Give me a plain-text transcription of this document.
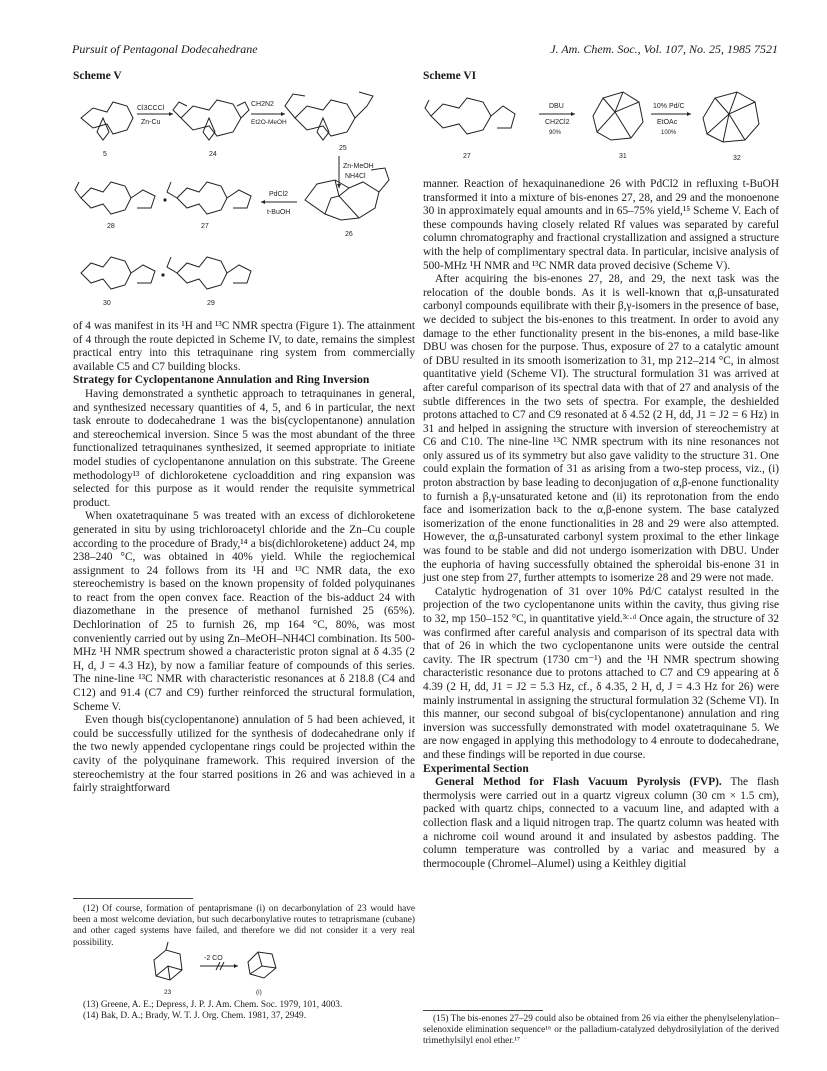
Pursuit of Pentagonal Dodecahedrane	J. Am. Chem. Soc., Vol. 107, No. 25, 1985 7521
Scheme V
5
Cl3CCCl
Zn-Cu
24
CH2N2
Et2O-MeOH
25
Zn-MeOH
NH4Cl
28	27
PdCl2
t-BuOH
26
30	29
Scheme VI
27
DBU
CH2Cl2
90%
31
10% Pd/C
EtOAc
100%
32

of 4 was manifest in its ¹H and ¹³C NMR spectra (Figure 1). The attainment of 4 through the route depicted in Scheme IV, to date, remains the simplest practical entry into this tetraquinane ring system from commercially available C5 and C7 building blocks.

Strategy for Cyclopentanone Annulation and Ring Inversion

Having demonstrated a synthetic approach to tetraquinanes in general, and synthesized necessary quantities of 4, 5, and 6 in particular, the next task enroute to dodecahedrane 1 was the bis(cyclopentanone) annulation and stereochemical inversion. Since 5 was the most abundant of the three functionalized tetraquinanes synthesized, it seemed appropriate to initiate model studies of cyclopentanone annulation on this substrate. The Greene methodology¹³ of dichloroketene cycloaddition and ring expansion was selected for this purpose as it would render the requisite symmetrical product.

When oxatetraquinane 5 was treated with an excess of dichloroketene generated in situ by using trichloroacetyl chloride and the Zn–Cu couple according to the procedure of Brady,¹⁴ a bis(dichloroketene) adduct 24, mp 238–240 °C, was obtained in 40% yield. While the regiochemical assignment to 24 follows from its ¹H and ¹³C NMR data, the exo stereochemistry is based on the known propensity of folded polyquinanes to react from the open convex face. Reaction of the bis-adduct 24 with diazomethane in the presence of methanol furnished 25 (65%). Dechlorination of 25 to furnish 26, mp 164 °C, 80%, was most conveniently carried out by using Zn–MeOH–NH4Cl combination. Its 500-MHz ¹H NMR spectrum showed a characteristic proton signal at δ 4.35 (2 H, d, J = 4.3 Hz), by now a familiar feature of compounds of this series. The nine-line ¹³C NMR with characteristic resonances at δ 218.8 (C4 and C12) and 91.4 (C7 and C9) further reinforced the structural formulation, Scheme V.

Even though bis(cyclopentanone) annulation of 5 had been achieved, it could be successfully utilized for the synthesis of dodecahedrane only if the two newly appended cyclopentane rings could be projected within the cavity of the polyquinane framework. This required inversion of the stereochemistry at the four starred positions in 26 and was achieved in a fairly straightforward

(12) Of course, formation of pentaprismane (i) on decarbonylation of 23 would have been a most welcome deviation, but such decarbonylative routes to tetraprismane (cubane) and other caged systems have failed, and therefore we did not consider it a very real possibility.

23
-2 CO
(i)

(13) Greene, A. E.; Depress, J. P. J. Am. Chem. Soc. 1979, 101, 4003.

(14) Bak, D. A.; Brady, W. T. J. Org. Chem. 1981, 37, 2949.

manner. Reaction of hexaquinanedione 26 with PdCl2 in refluxing t-BuOH transformed it into a mixture of bis-enones 27, 28, and 29 and the monoenone 30 in approximately equal amounts and in 65–75% yield,¹⁵ Scheme V. Each of these compounds having closely related Rf values was separated by careful column chromatography and fractional crystallization and assigned a structure with the help of complimentary spectral data. In particular, incisive analysis of 500-MHz ¹H NMR and ¹³C NMR data proved decisive (Scheme V).

After acquiring the bis-enones 27, 28, and 29, the next task was the relocation of the double bonds. As it is well-known that α,β-unsaturated carbonyl compounds equilibrate with their β,γ-isomers in the presence of base, we decided to subject the bis-enones to this treatment. In order to avoid any damage to the ether functionality present in the bis-enones, a mild base-like DBU was chosen for the purpose. Thus, exposure of 27 to a catalytic amount of DBU resulted in its smooth isomerization to 31, mp 212–214 °C, in almost quantitative yield (Scheme VI). The structural formulation 31 was arrived at after careful comparison of its spectral data with that of 27 and analysis of the subtle differences in the two sets of spectra. For example, the deshielded protons attached to C7 and C9 resonated at δ 4.52 (2 H, dd, J1 = J2 = 6 Hz) in 31 and helped in assigning the structure with inversion of stereochemistry at C6 and C10. The nine-line ¹³C NMR spectrum with its nine resonances not only assured us of its symmetry but also gave validity to the structure 31. One could explain the formation of 31 as arising from a two-step process, viz., (i) proton abstraction by base leading to deconjugation of α,β-enone functionality to furnish a β,γ-unsaturated ketone and (ii) its reprotonation from the endo face and isomerization back to the α,β-enone system. The base catalyzed isomerization of the enone functionalities in 28 and 29 were also attempted. However, the α,β-unsaturated carbonyl system proximal to the ether linkage was found to be stable and did not undergo isomerization with DBU. Under the euphoria of having successfully obtained the spheroidal bis-enone 31 in just one step from 27, further attempts to isomerize 28 and 29 were not made.

Catalytic hydrogenation of 31 over 10% Pd/C catalyst resulted in the projection of the two cyclopentanone units within the cavity, thus giving rise to 32, mp 150–152 °C, in quantitative yield.³ᶜ·ᵈ Once again, the structure of 32 was confirmed after careful analysis and comparison of its spectral data with that of 26 in which the two cyclopentanone units were outside the central cavity. The IR spectrum (1730 cm⁻¹) and the ¹H NMR spectrum showing characteristic resonance due to protons attached to C7 and C9 appearing at δ 4.39 (2 H, dd, J1 = J2 = 5.3 Hz, cf., δ 4.35, 2 H, d, J = 4.3 Hz for 26) were mainly instrumental in assigning the structural formulation 32 (Scheme VI). In this manner, our second subgoal of bis(cyclopentanone) annulation and ring inversion was successfully demonstrated with model oxatetraquinane 5. We are now engaged in applying this methodology to 4 enroute to dodecahedrane, and these findings will be reported in due course.

Experimental Section

General Method for Flash Vacuum Pyrolysis (FVP). The flash thermolysis were carried out in a quartz vigreux column (30 cm × 1.5 cm), packed with quartz chips, connected to a vacuum line, and adapted with a collection flask and a liquid nitrogen trap. The quartz column was heated with a nichrome coil wound around it and insulated by asbestos padding. The column temperature was controlled by a variac and measured by a thermocouple (Chromel–Alumel) using a Keithley digitial

(15) The bis-enones 27–29 could also be obtained from 26 via either the phenylselenylation–selenoxide elimination sequence¹⁶ or the palladium-catalyzed dehydrosilylation of the derived trimethylsilyl enol ether.¹⁷
